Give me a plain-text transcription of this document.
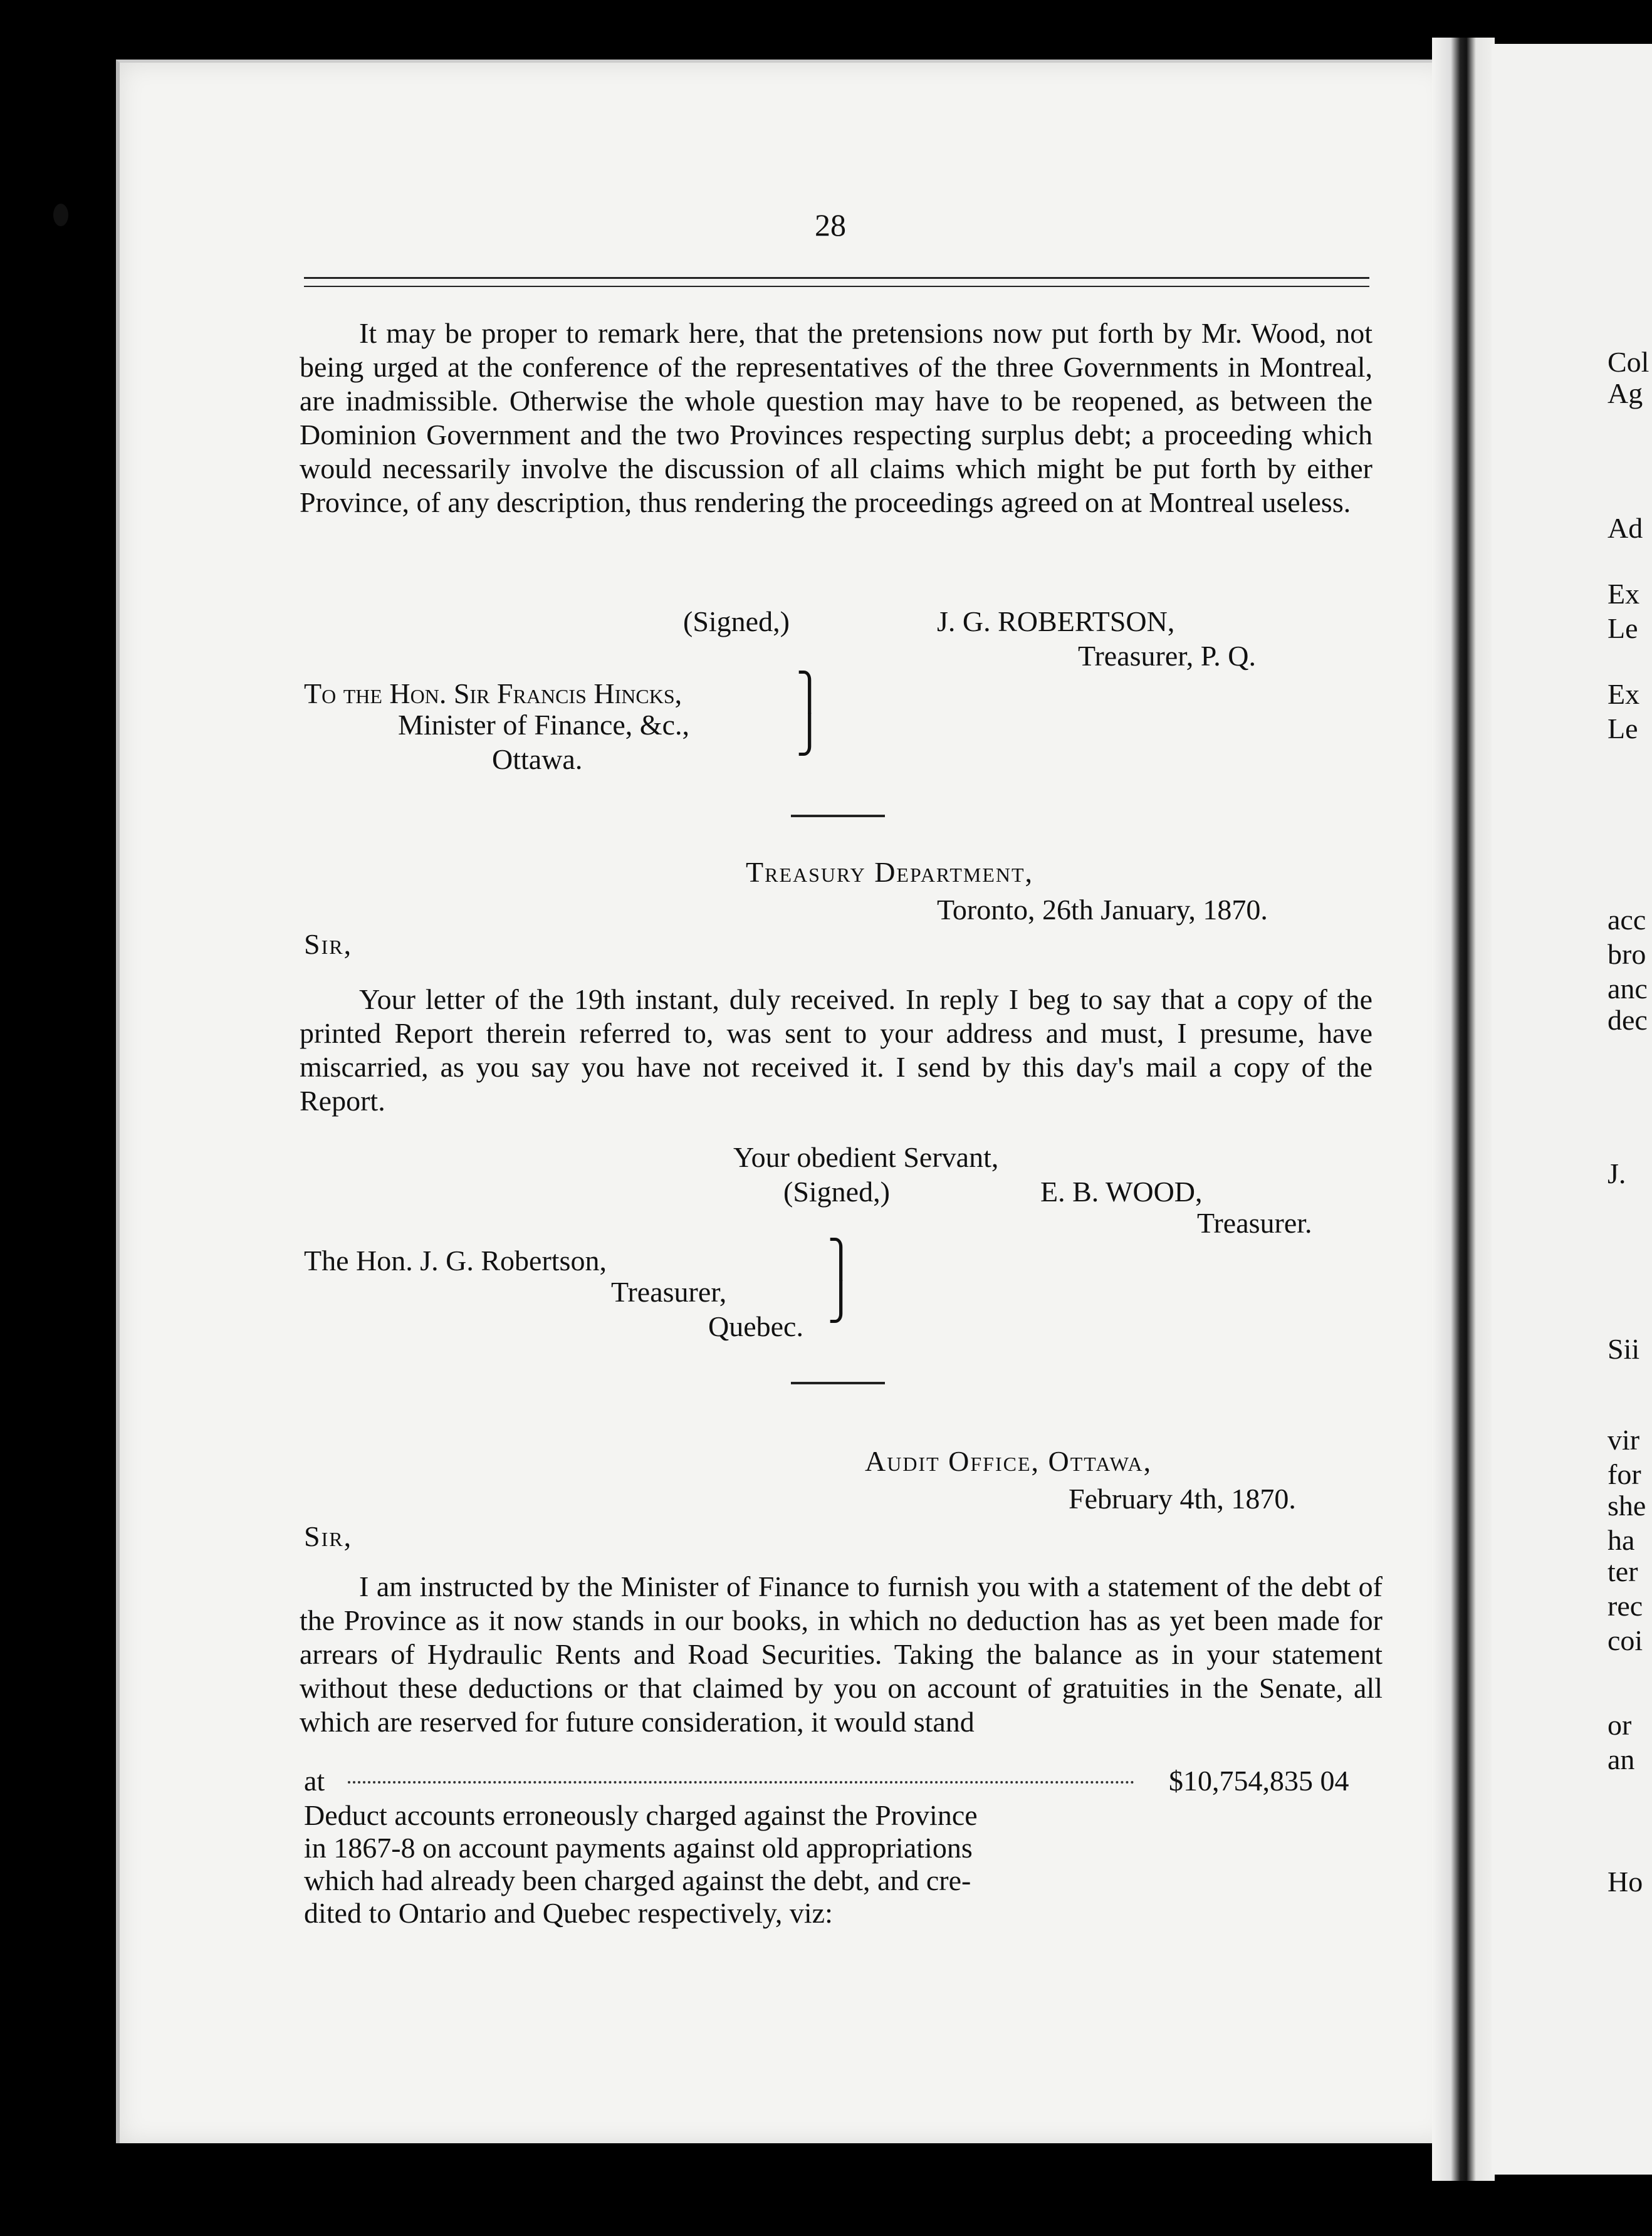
28

It may be proper to remark here, that the pretensions now put forth by Mr. Wood, not being urged at the conference of the representatives of the three Governments in Montreal, are inadmissible. Otherwise the whole question may have to be reopened, as between the Dominion Government and the two Provinces respecting surplus debt; a proceeding which would necessarily involve the discussion of all claims which might be put forth by either Province, of any description, thus rendering the proceedings agreed on at Montreal useless.

(Signed,)	J. G. ROBERTSON,

Treasurer, P. Q.

To the Hon. Sir Francis Hincks,

Minister of Finance, &c.,

Ottawa.

⎫
⎭

Treasury Department,

Toronto, 26th January, 1870.

Sir,

Your letter of the 19th instant, duly received. In reply I beg to say that a copy of the printed Report therein referred to, was sent to your address and must, I presume, have miscarried, as you say you have not received it. I send by this day's mail a copy of the Report.

Your obedient Servant,

(Signed,)	E. B. WOOD,

Treasurer.

The Hon. J. G. Robertson,

Treasurer,

Quebec.

⎫
⎭

Audit Office, Ottawa,

February 4th, 1870.

Sir,

I am instructed by the Minister of Finance to furnish you with a statement of the debt of the Province as it now stands in our books, in which no deduction has as yet been made for arrears of Hydraulic Rents and Road Securities. Taking the balance as in your statement without these deductions or that claimed by you on account of gratuities in the Senate, all which are reserved for future consideration, it would stand

at	$10,754,835 04

Deduct accounts erroneously charged against the Province

in 1867-8 on account payments against old appropriations

which had already been charged against the debt, and cre-

dited to Ontario and Quebec respectively, viz:

Col

Ag

Ad

Ex

Le

Ex

Le

acc

bro

anc

dec

J.

Sii

vir

for

she

ha

ter

rec

coi

or

an

Ho
